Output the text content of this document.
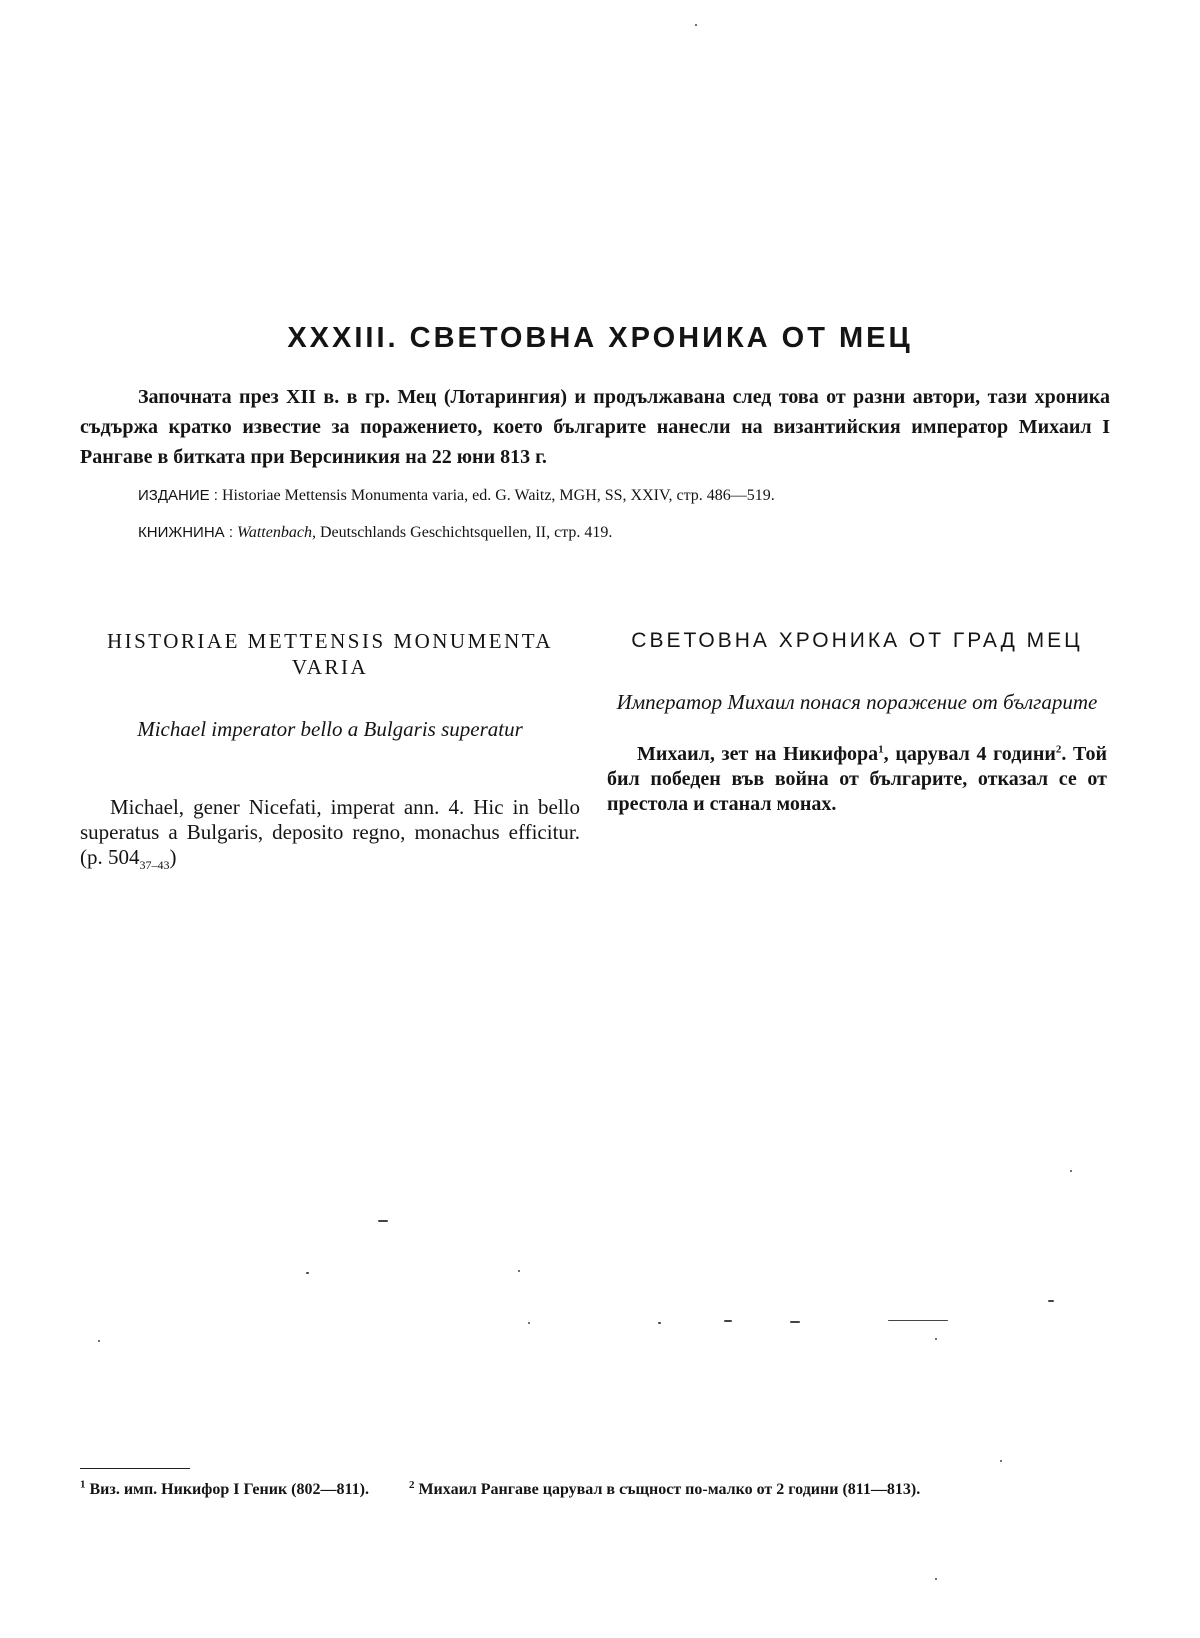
XXXIII. СВЕТОВНА ХРОНИКА ОТ МЕЦ

Започната през XII в. в гр. Мец (Лотарингия) и продължавана след това от разни автори, тази хроника съдържа кратко известие за поражението, което българите нанесли на византийския император Михаил I Рангаве в битката при Версиникия на 22 юни 813 г.

ИЗДАНИЕ : Historiae Mettensis Monumenta varia, ed. G. Waitz, MGH, SS, XXIV, стр. 486—519.

КНИЖНИНА : Wattenbach, Deutschlands Geschichtsquellen, II, стр. 419.

HISTORIAE METTENSIS MONUMENTA VARIA
Michael imperator bello a Bulgaris superatur

Michael, gener Nicefati, imperat ann. 4. Hic in bello superatus a Bulgaris, deposito regno, monachus efficitur. (p. $504_{37-43}$)

СВЕТОВНА ХРОНИКА ОТ ГРАД МЕЦ
Император Михаил понася поражение от българите

Михаил, зет на Никифора$^1$, царувал 4 години$^2$. Той бил победен във война от българите, отказал се от престола и станал монах.

$^1$ Виз. имп. Никифор I Геник (802—811).	$^2$ Михаил Рангаве царувал в същност по-малко от 2 години (811—813).
